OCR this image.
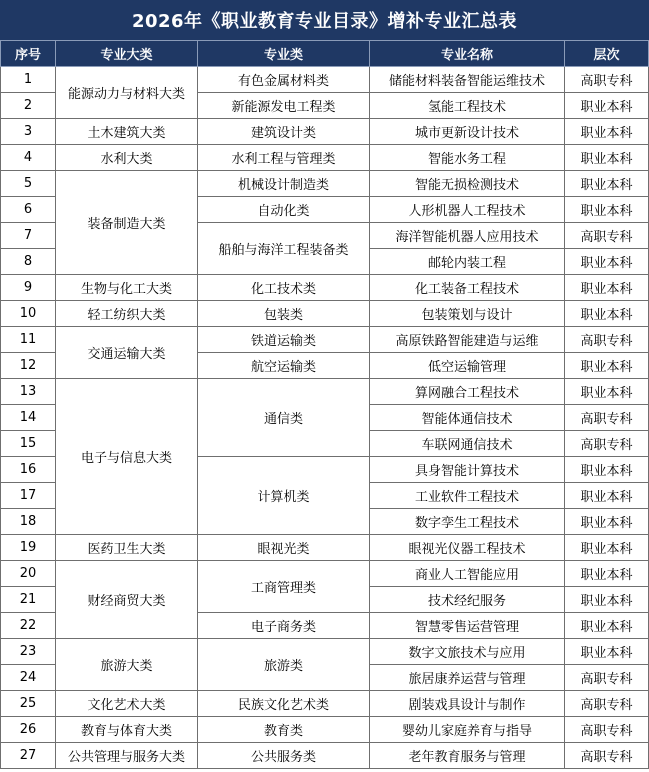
2026年《职业教育专业目录》增补专业汇总表
序号	专业大类	专业类	专业名称	层次
1	能源动力与材料大类	有色金属材料类	储能材料装备智能运维技术	高职专科
2		新能源发电工程类	氢能工程技术	职业本科
3	土木建筑大类	建筑设计类	城市更新设计技术	职业本科
4	水利大类	水利工程与管理类	智能水务工程	职业本科
5	装备制造大类	机械设计制造类	智能无损检测技术	职业本科
6		自动化类	人形机器人工程技术	职业本科
7		船舶与海洋工程装备类	海洋智能机器人应用技术	高职专科
8			邮轮内装工程	职业本科
9	生物与化工大类	化工技术类	化工装备工程技术	职业本科
10	轻工纺织大类	包装类	包装策划与设计	职业本科
11	交通运输大类	铁道运输类	高原铁路智能建造与运维	高职专科
12		航空运输类	低空运输管理	职业本科
13	电子与信息大类	通信类	算网融合工程技术	职业本科
14			智能体通信技术	高职专科
15			车联网通信技术	高职专科
16		计算机类	具身智能计算技术	职业本科
17			工业软件工程技术	职业本科
18			数字孪生工程技术	职业本科
19	医药卫生大类	眼视光类	眼视光仪器工程技术	职业本科
20	财经商贸大类	工商管理类	商业人工智能应用	职业本科
21			技术经纪服务	职业本科
22		电子商务类	智慧零售运营管理	职业本科
23	旅游大类	旅游类	数字文旅技术与应用	职业本科
24			旅居康养运营与管理	高职专科
25	文化艺术大类	民族文化艺术类	剧装戏具设计与制作	高职专科
26	教育与体育大类	教育类	婴幼儿家庭养育与指导	高职专科
27	公共管理与服务大类	公共服务类	老年教育服务与管理	高职专科
